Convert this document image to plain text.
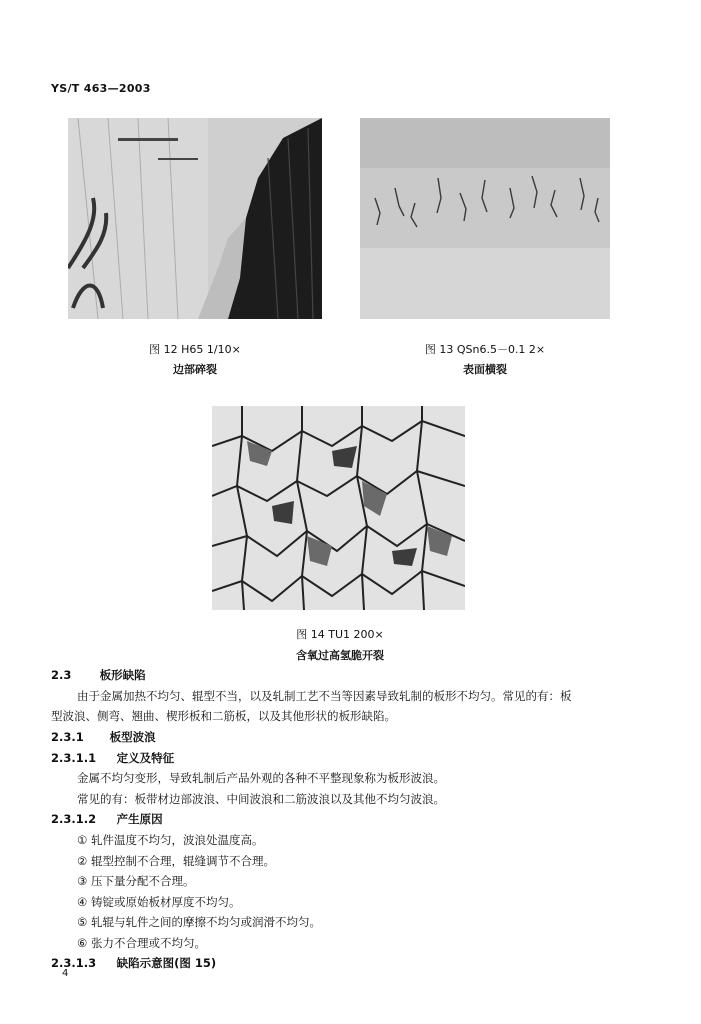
YS/T 463—2003
图 12 H65 1/10×
边部碎裂
图 13 QSn6.5－0.1 2×
表面横裂
图 14 TU1 200×
含氧过高氢脆开裂
2.3 板形缺陷
由于金属加热不均匀、辊型不当，以及轧制工艺不当等因素导致轧制的板形不均匀。常见的有：板
型波浪、侧弯、翘曲、楔形板和二筋板，以及其他形状的板形缺陷。
2.3.1 板型波浪
2.3.1.1 定义及特征
金属不均匀变形，导致轧制后产品外观的各种不平整现象称为板形波浪。
常见的有：板带材边部波浪、中间波浪和二筋波浪以及其他不均匀波浪。
2.3.1.2 产生原因
① 轧件温度不均匀，波浪处温度高。
② 辊型控制不合理，辊缝调节不合理。
③ 压下量分配不合理。
④ 铸锭或原始板材厚度不均匀。
⑤ 轧辊与轧件之间的摩擦不均匀或润滑不均匀。
⑥ 张力不合理或不均匀。
2.3.1.3 缺陷示意图(图 15)
4
